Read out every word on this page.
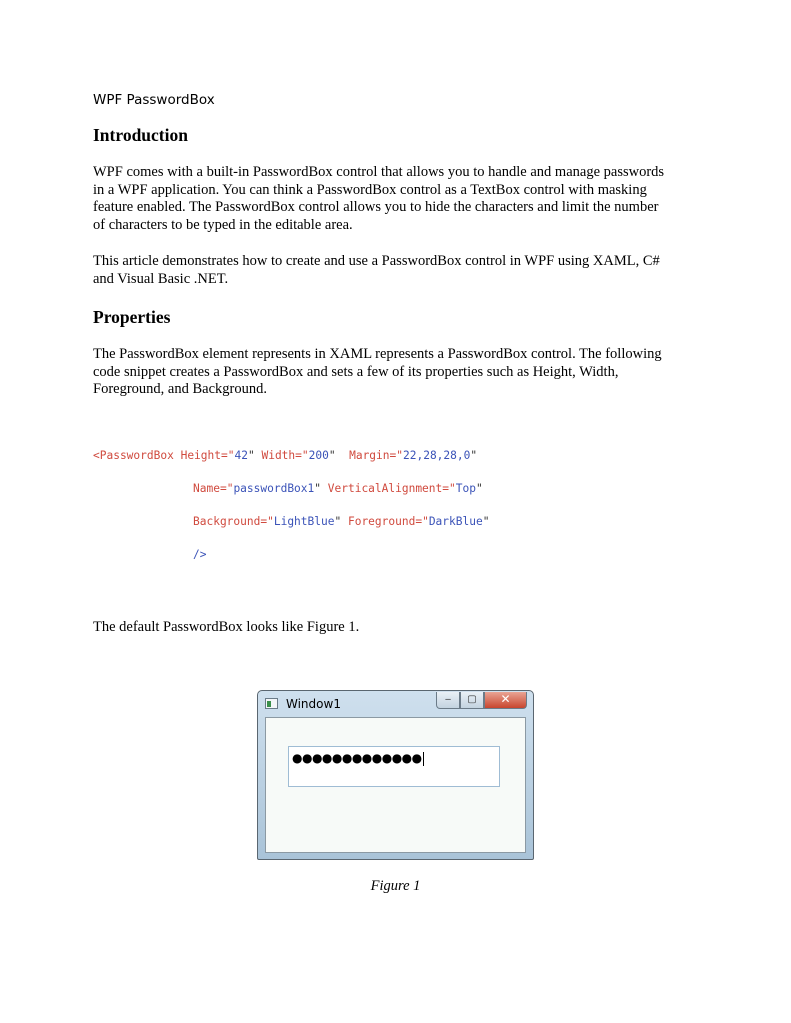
WPF PasswordBox
Introduction
WPF comes with a built-in PasswordBox control that allows you to handle and manage passwords
in a WPF application. You can think a PasswordBox control as a TextBox control with masking
feature enabled. The PasswordBox control allows you to hide the characters and limit the number
of characters to be typed in the editable area.
This article demonstrates how to create and use a PasswordBox control in WPF using XAML, C#
and Visual Basic .NET.
Properties
The PasswordBox element represents in XAML represents a PasswordBox control. The following
code snippet creates a PasswordBox and sets a few of its properties such as Height, Width,
Foreground, and Background.
<PasswordBox Height="42" Width="200" Margin="22,28,28,0"
Name="passwordBox1" VerticalAlignment="Top"
Background="LightBlue" Foreground="DarkBlue"
/>
The default PasswordBox looks like Figure 1.
Window1	‒	▢	✕
●●●●●●●●●●●●●
Figure 1
